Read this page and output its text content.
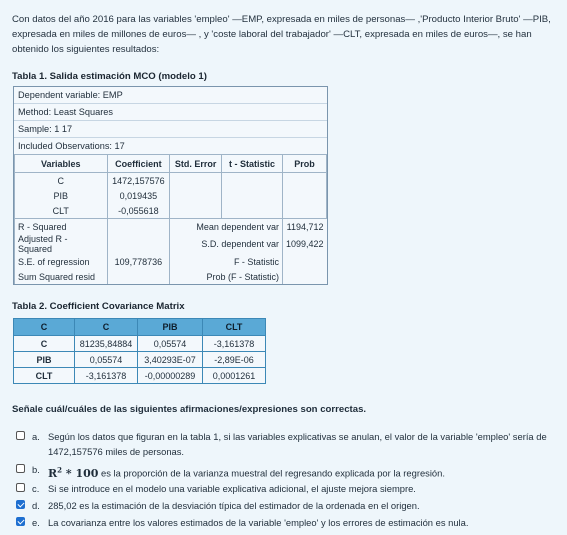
Con datos del año 2016 para las variables 'empleo' —EMP, expresada en miles de personas— ,'Producto Interior Bruto' —PIB, expresada en miles de millones de euros— , y 'coste laboral del trabajador' —CLT, expresada en miles de euros—, se han obtenido los siguientes resultados:
Tabla 1. Salida estimación MCO (modelo 1)
Dependent variable: EMP
Method: Least Squares
Sample: 1 17
Included Observations: 17
Variables	Coefficient	Std. Error	t - Statistic	Prob
C	1472,157576			
PIB	0,019435			
CLT	-0,055618			
R - Squared		Mean dependent var		1194,712
Adjusted R - Squared		S.D. dependent var		1099,422
S.E. of regression	109,778736	F - Statistic		
Sum Squared resid		Prob (F - Statistic)		
Tabla 2. Coefficient Covariance Matrix
C	C	PIB	CLT
C	81235,84884	0,05574	-3,161378
PIB	0,05574	3,40293E-07	-2,89E-06
CLT	-3,161378	-0,00000289	0,0001261
Señale cuál/cuáles de las siguientes afirmaciones/expresiones son correctas.
a. Según los datos que figuran en la tabla 1, si las variables explicativas se anulan, el valor de la variable 'empleo' sería de 1472,157576 miles de personas.
b. $R^2 * 100$ es la proporción de la varianza muestral del regresando explicada por la regresión.
c. Si se introduce en el modelo una variable explicativa adicional, el ajuste mejora siempre.
d. 285,02 es la estimación de la desviación típica del estimador de la ordenada en el origen.
e. La covarianza entre los valores estimados de la variable 'empleo' y los errores de estimación es nula.
